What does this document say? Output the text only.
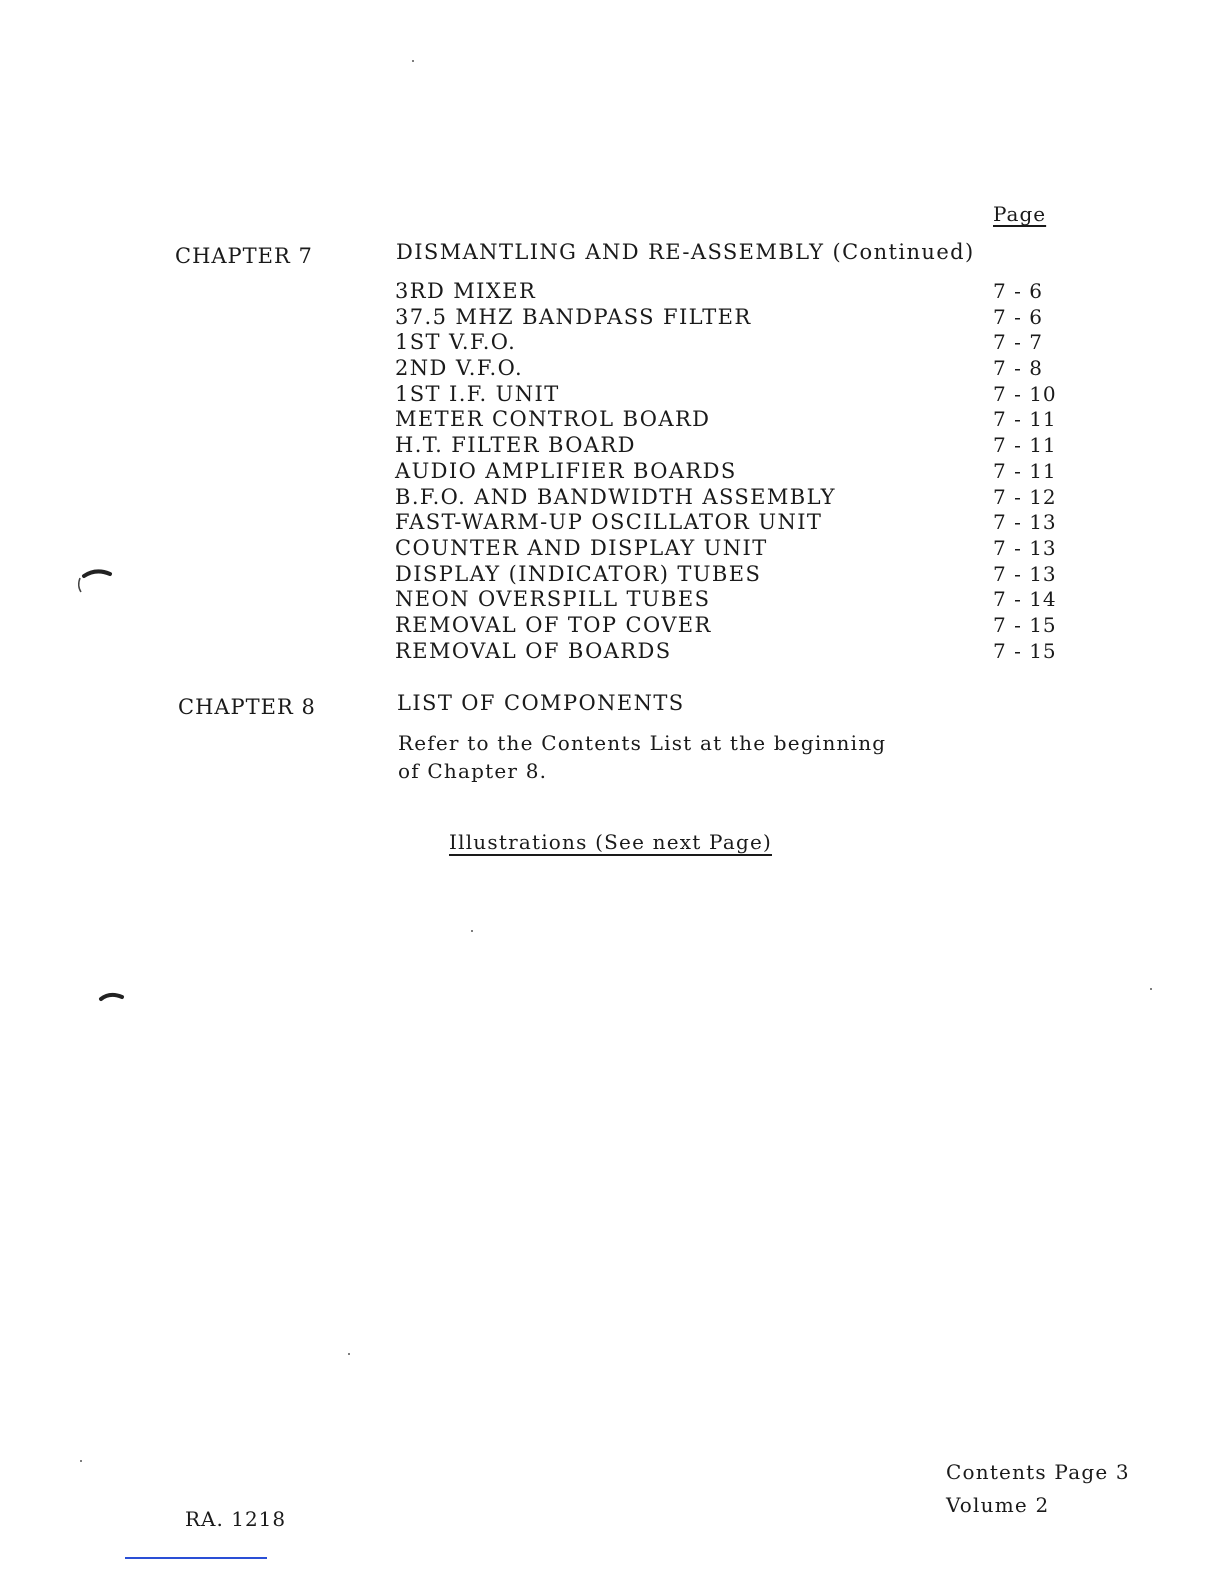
Page
CHAPTER 7	DISMANTLING AND RE-ASSEMBLY (Continued)
3RD MIXER	7 - 6
37.5 MHZ BANDPASS FILTER	7 - 6
1ST V.F.O.	7 - 7
2ND V.F.O.	7 - 8
1ST I.F. UNIT	7 - 10
METER CONTROL BOARD	7 - 11
H.T. FILTER BOARD	7 - 11
AUDIO AMPLIFIER BOARDS	7 - 11
B.F.O. AND BANDWIDTH ASSEMBLY	7 - 12
FAST-WARM-UP OSCILLATOR UNIT	7 - 13
COUNTER AND DISPLAY UNIT	7 - 13
DISPLAY (INDICATOR) TUBES	7 - 13
NEON OVERSPILL TUBES	7 - 14
REMOVAL OF TOP COVER	7 - 15
REMOVAL OF BOARDS	7 - 15
CHAPTER 8	LIST OF COMPONENTS
Refer to the Contents List at the beginning
of Chapter 8.
Illustrations (See next Page)
RA. 1218
Contents Page 3
Volume 2
